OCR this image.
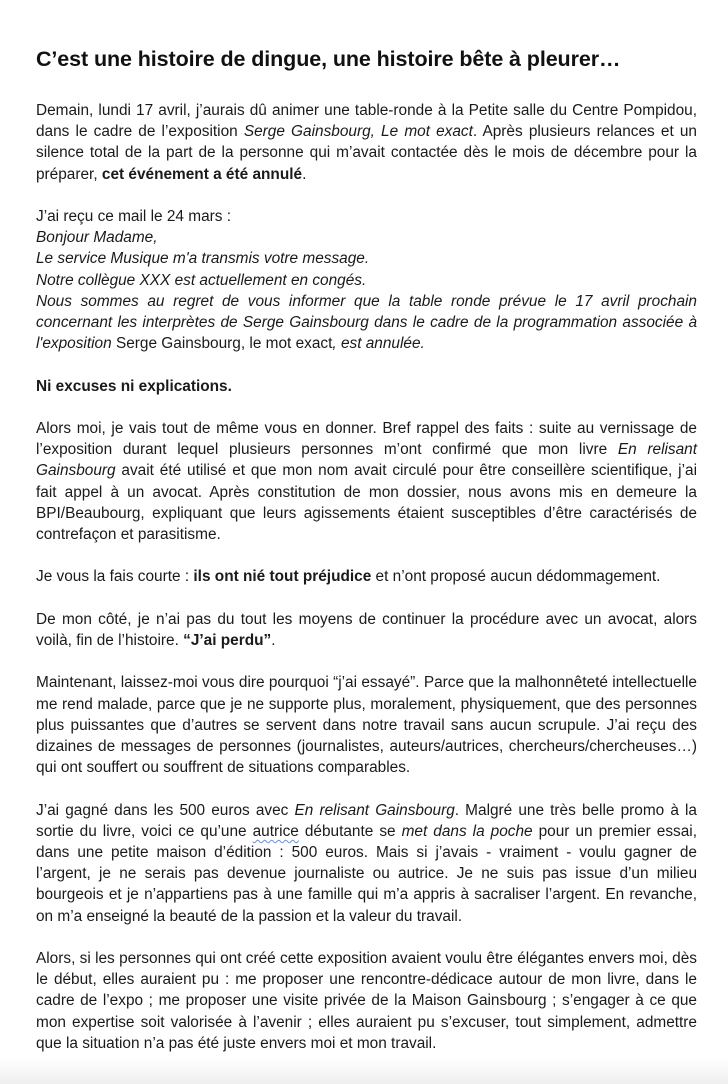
C’est une histoire de dingue, une histoire bête à pleurer…

Demain, lundi 17 avril, j’aurais dû animer une table-ronde à la Petite salle du Centre Pompidou, dans le cadre de l’exposition Serge Gainsbourg, Le mot exact. Après plusieurs relances et un silence total de la part de la personne qui m’avait contactée dès le mois de décembre pour la préparer, cet événement a été annulé.

J’ai reçu ce mail le 24 mars :
Bonjour Madame,
Le service Musique m'a transmis votre message.
Notre collègue XXX est actuellement en congés.
Nous sommes au regret de vous informer que la table ronde prévue le 17 avril prochain concernant les interprètes de Serge Gainsbourg dans le cadre de la programmation associée à l'exposition Serge Gainsbourg, le mot exact, est annulée.

Ni excuses ni explications.

Alors moi, je vais tout de même vous en donner. Bref rappel des faits : suite au vernissage de l’exposition durant lequel plusieurs personnes m’ont confirmé que mon livre En relisant Gainsbourg avait été utilisé et que mon nom avait circulé pour être conseillère scientifique, j’ai fait appel à un avocat. Après constitution de mon dossier, nous avons mis en demeure la BPI/Beaubourg, expliquant que leurs agissements étaient susceptibles d’être caractérisés de contrefaçon et parasitisme.

Je vous la fais courte : ils ont nié tout préjudice et n’ont proposé aucun dédommagement.

De mon côté, je n’ai pas du tout les moyens de continuer la procédure avec un avocat, alors voilà, fin de l’histoire. “J’ai perdu”.

Maintenant, laissez-moi vous dire pourquoi “j’ai essayé”. Parce que la malhonnêteté intellectuelle me rend malade, parce que je ne supporte plus, moralement, physiquement, que des personnes plus puissantes que d’autres se servent dans notre travail sans aucun scrupule. J’ai reçu des dizaines de messages de personnes (journalistes, auteurs/autrices, chercheurs/chercheuses…) qui ont souffert ou souffrent de situations comparables.

J’ai gagné dans les 500 euros avec En relisant Gainsbourg. Malgré une très belle promo à la sortie du livre, voici ce qu’une autrice débutante se met dans la poche pour un premier essai, dans une petite maison d’édition : 500 euros. Mais si j’avais - vraiment - voulu gagner de l’argent, je ne serais pas devenue journaliste ou autrice. Je ne suis pas issue d’un milieu bourgeois et je n’appartiens pas à une famille qui m’a appris à sacraliser l’argent. En revanche, on m’a enseigné la beauté de la passion et la valeur du travail.

Alors, si les personnes qui ont créé cette exposition avaient voulu être élégantes envers moi, dès le début, elles auraient pu : me proposer une rencontre-dédicace autour de mon livre, dans le cadre de l’expo ; me proposer une visite privée de la Maison Gainsbourg ; s’engager à ce que mon expertise soit valorisée à l’avenir ; elles auraient pu s’excuser, tout simplement, admettre que la situation n’a pas été juste envers moi et mon travail.
